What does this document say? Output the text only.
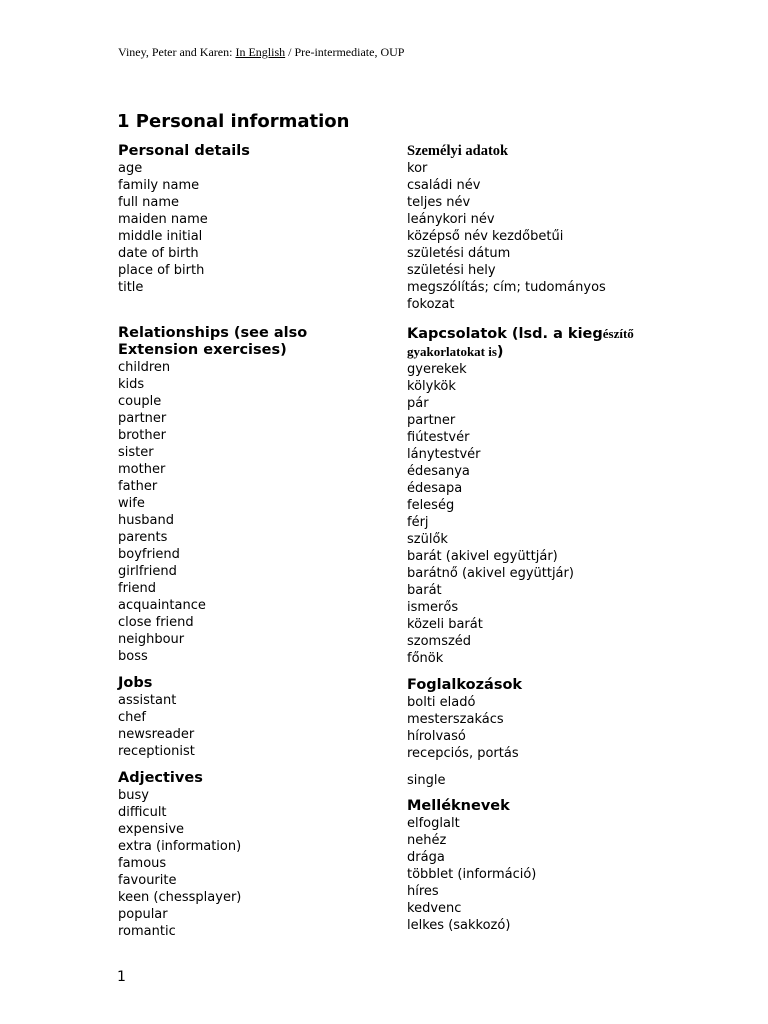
Viney, Peter and Karen: In English / Pre-intermediate, OUP
1 Personal information
Personal details
age
family name
full name
maiden name
middle initial
date of birth
place of birth
title

Relationships (see also
Extension exercises)
children
kids
couple
partner
brother
sister
mother
father
wife
husband
parents
boyfriend
girlfriend
friend
acquaintance
close friend
neighbour
boss
Jobs
assistant
chef
newsreader
receptionist
Adjectives
busy
difficult
expensive
extra (information)
famous
favourite
keen (chessplayer)
popular
romantic
Személyi adatok
kor
családi név
teljes név
leánykori név
középső név kezdőbetűi
születési dátum
születési hely
megszólítás; cím; tudományos
fokozat
Kapcsolatok (lsd. a kiegészítő
gyakorlatokat is)
gyerekek
kölykök
pár
partner
fiútestvér
lánytestvér
édesanya
édesapa
feleség
férj
szülők
barát (akivel együttjár)
barátnő (akivel együttjár)
barát
ismerős
közeli barát
szomszéd
főnök
Foglalkozások
bolti eladó
mesterszakács
hírolvasó
recepciós, portás
single
Melléknevek
elfoglalt
nehéz
drága
többlet (információ)
híres
kedvenc
lelkes (sakkozó)
1
